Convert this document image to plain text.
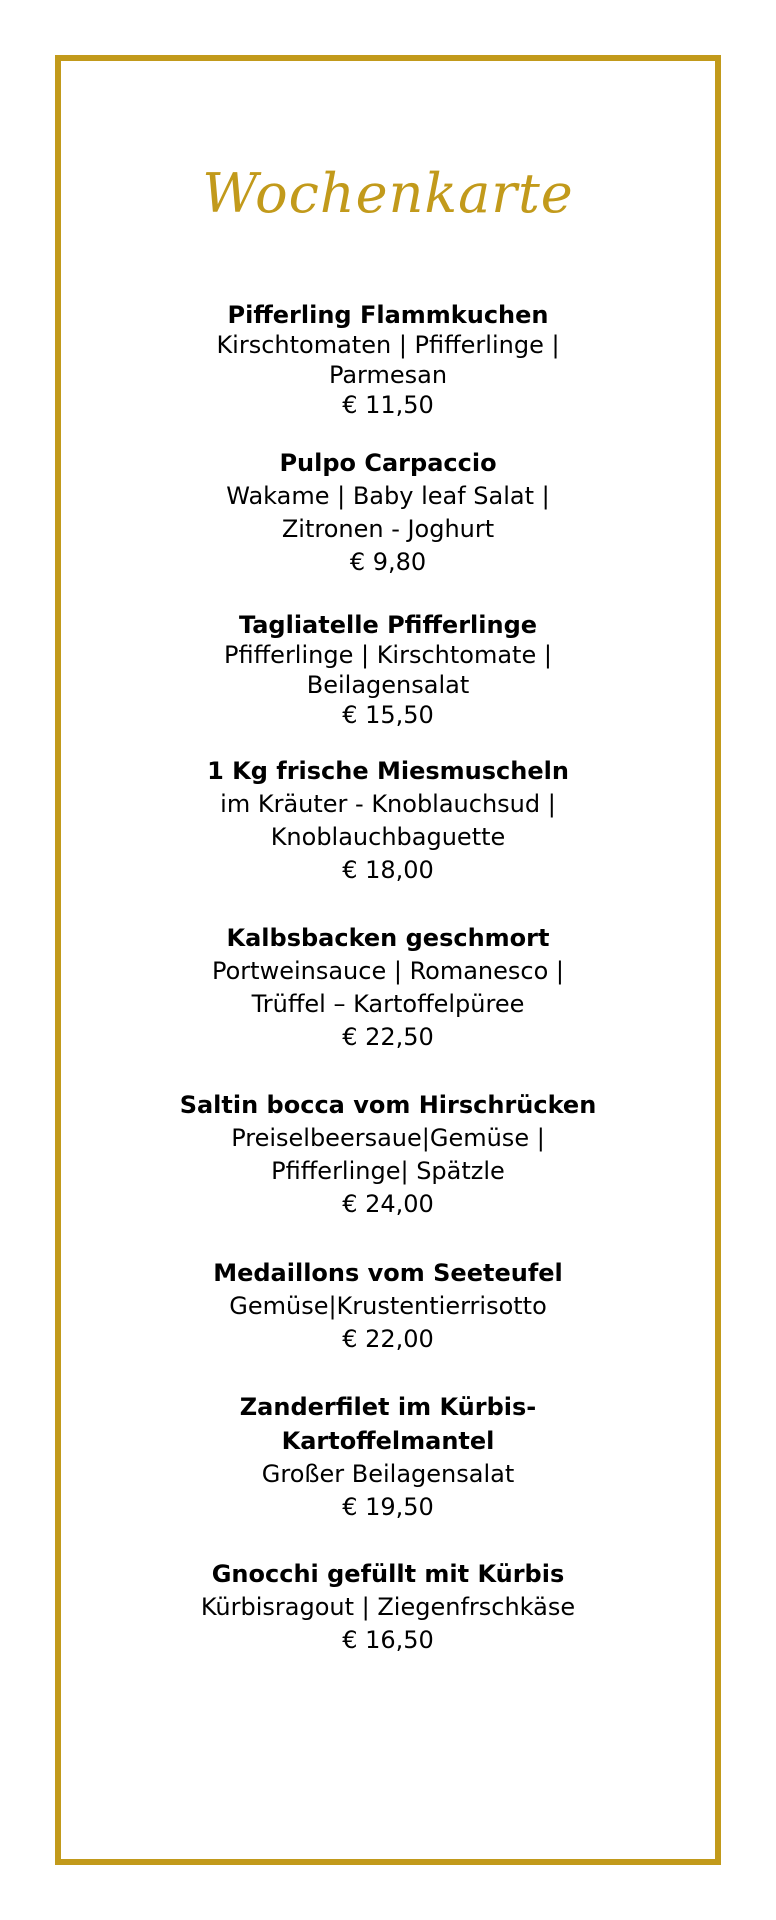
Wochenkarte
Pifferling Flammkuchen
Kirschtomaten | Pfifferlinge |
Parmesan
€ 11,50
Pulpo Carpaccio
Wakame | Baby leaf Salat |
Zitronen - Joghurt
€ 9,80
Tagliatelle Pfifferlinge
Pfifferlinge | Kirschtomate |
Beilagensalat
€ 15,50
1 Kg frische Miesmuscheln
im Kräuter - Knoblauchsud |
Knoblauchbaguette
€ 18,00
Kalbsbacken geschmort
Portweinsauce | Romanesco |
Trüffel – Kartoffelpüree
€ 22,50
Saltin bocca vom Hirschrücken
Preiselbeersaue|Gemüse |
Pfifferlinge| Spätzle
€ 24,00
Medaillons vom Seeteufel
Gemüse|Krustentierrisotto
€ 22,00
Zanderfilet im Kürbis-
Kartoffelmantel
Großer Beilagensalat
€ 19,50
Gnocchi gefüllt mit Kürbis
Kürbisragout | Ziegenfrschkäse
€ 16,50
